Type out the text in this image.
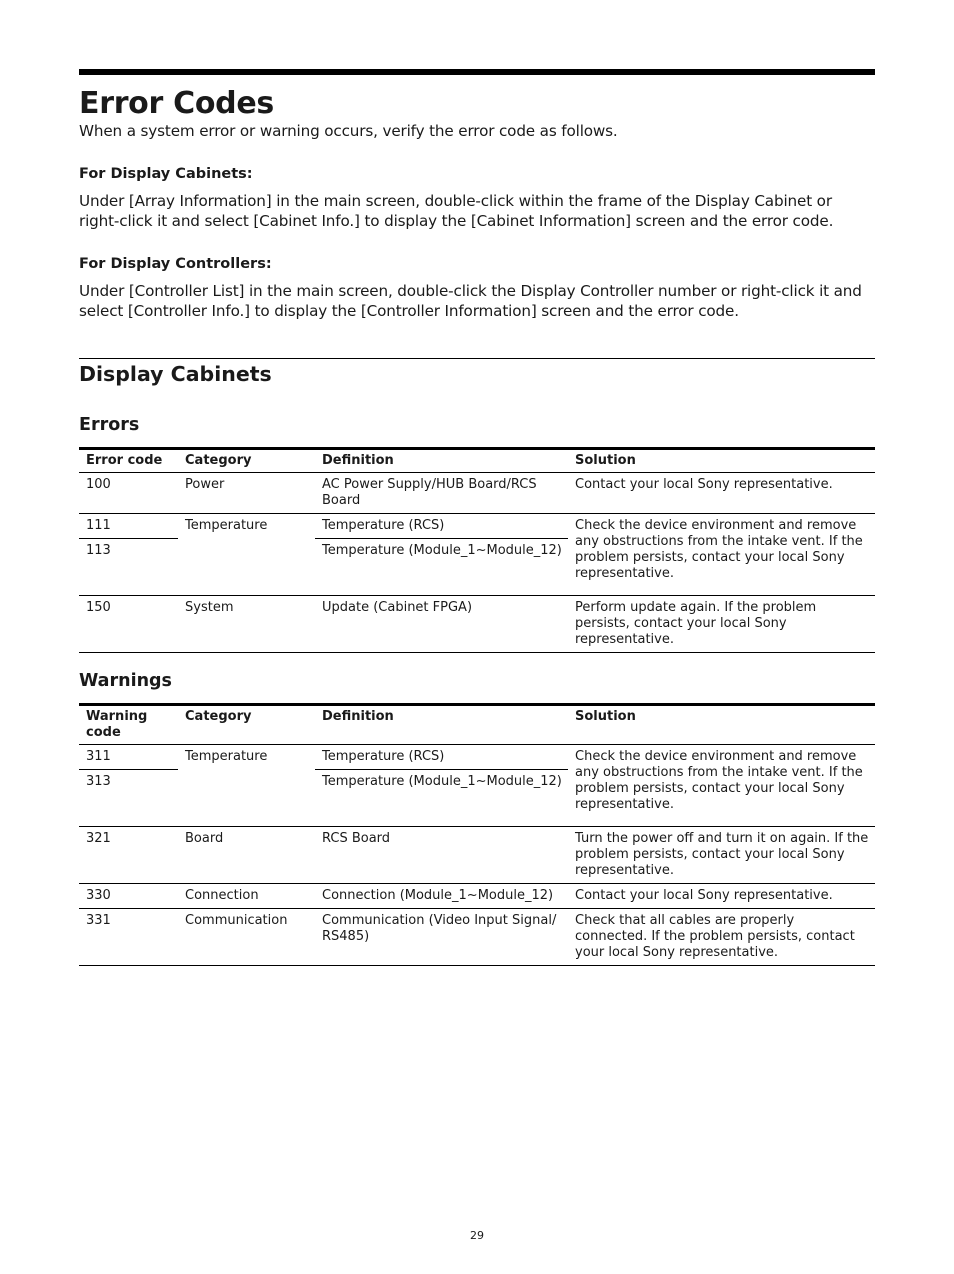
Error Codes

When a system error or warning occurs, verify the error code as follows.

For Display Cabinets:

Under [Array Information] in the main screen, double-click within the frame of the Display Cabinet or right-click it and select [Cabinet Info.] to display the [Cabinet Information] screen and the error code.

For Display Controllers:

Under [Controller List] in the main screen, double-click the Display Controller number or right-click it and select [Controller Info.] to display the [Controller Information] screen and the error code.

Display Cabinets
Errors
Error code	Category	Definition	Solution
100	Power	AC Power Supply/HUB Board/RCS Board	Contact your local Sony representative.
111	Temperature	Temperature (RCS)	Check the device environment and remove any obstructions from the intake vent. If the problem persists, contact your local Sony representative.
113		Temperature (Module_1~Module_12)	
150	System	Update (Cabinet FPGA)	Perform update again. If the problem persists, contact your local Sony representative.
Warnings
Warning code	Category	Definition	Solution
311	Temperature	Temperature (RCS)	Check the device environment and remove any obstructions from the intake vent. If the problem persists, contact your local Sony representative.
313		Temperature (Module_1~Module_12)	
321	Board	RCS Board	Turn the power off and turn it on again. If the problem persists, contact your local Sony representative.
330	Connection	Connection (Module_1~Module_12)	Contact your local Sony representative.
331	Communication	Communication (Video Input Signal/ RS485)	Check that all cables are properly connected. If the problem persists, contact your local Sony representative.
29
